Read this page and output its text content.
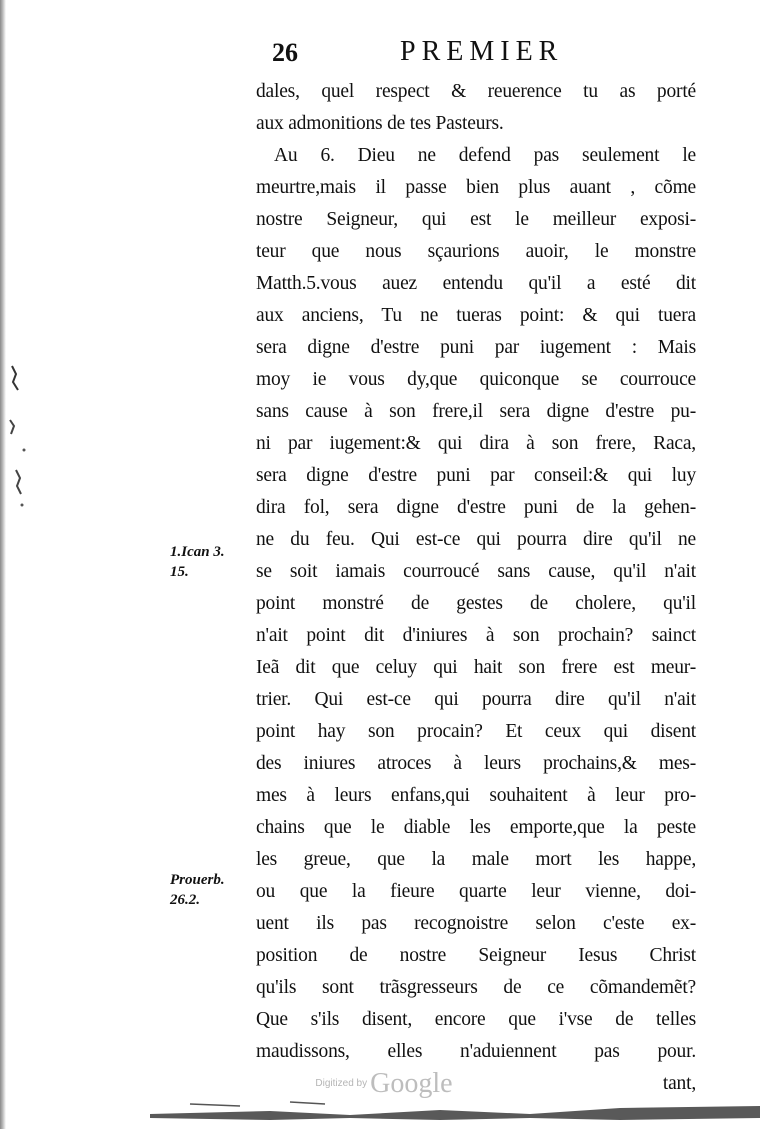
26	PREMIER
dales, quel respect & reuerence tu as porté
aux admonitions de tes Pasteurs.
Au 6. Dieu ne defend pas seulement le
meurtre,mais il passe bien plus auant , cõme
nostre Seigneur, qui est le meilleur exposi-
teur que nous sçaurions auoir, le monstre
Matth.5.vous auez entendu qu'il a esté dit
aux anciens, Tu ne tueras point: & qui tuera
sera digne d'estre puni par iugement : Mais
moy ie vous dy,que quiconque se courrouce
sans cause à son frere,il sera digne d'estre pu-
ni par iugement:& qui dira à son frere, Raca,
sera digne d'estre puni par conseil:& qui luy
dira fol, sera digne d'estre puni de la gehen-
ne du feu. Qui est-ce qui pourra dire qu'il ne
se soit iamais courroucé sans cause, qu'il n'ait
point monstré de gestes de cholere, qu'il
n'ait point dit d'iniures à son prochain? sainct
Ieã dit que celuy qui hait son frere est meur-
trier. Qui est-ce qui pourra dire qu'il n'ait
point hay son procain? Et ceux qui disent
des iniures atroces à leurs prochains,& mes-
mes à leurs enfans,qui souhaitent à leur pro-
chains que le diable les emporte,que la peste
les greue, que la male mort les happe,
ou que la fieure quarte leur vienne, doi-
uent ils pas recognoistre selon c'este ex-
position de nostre Seigneur Iesus Christ
qu'ils sont trãsgresseurs de ce cõmandemẽt?
Que s'ils disent, encore que i'vse de telles
maudissons, elles n'aduiennent pas pour.
tant,
1.Ican 3.
15.
Prouerb.
26.2.
$^{Digitized by}$ Google
